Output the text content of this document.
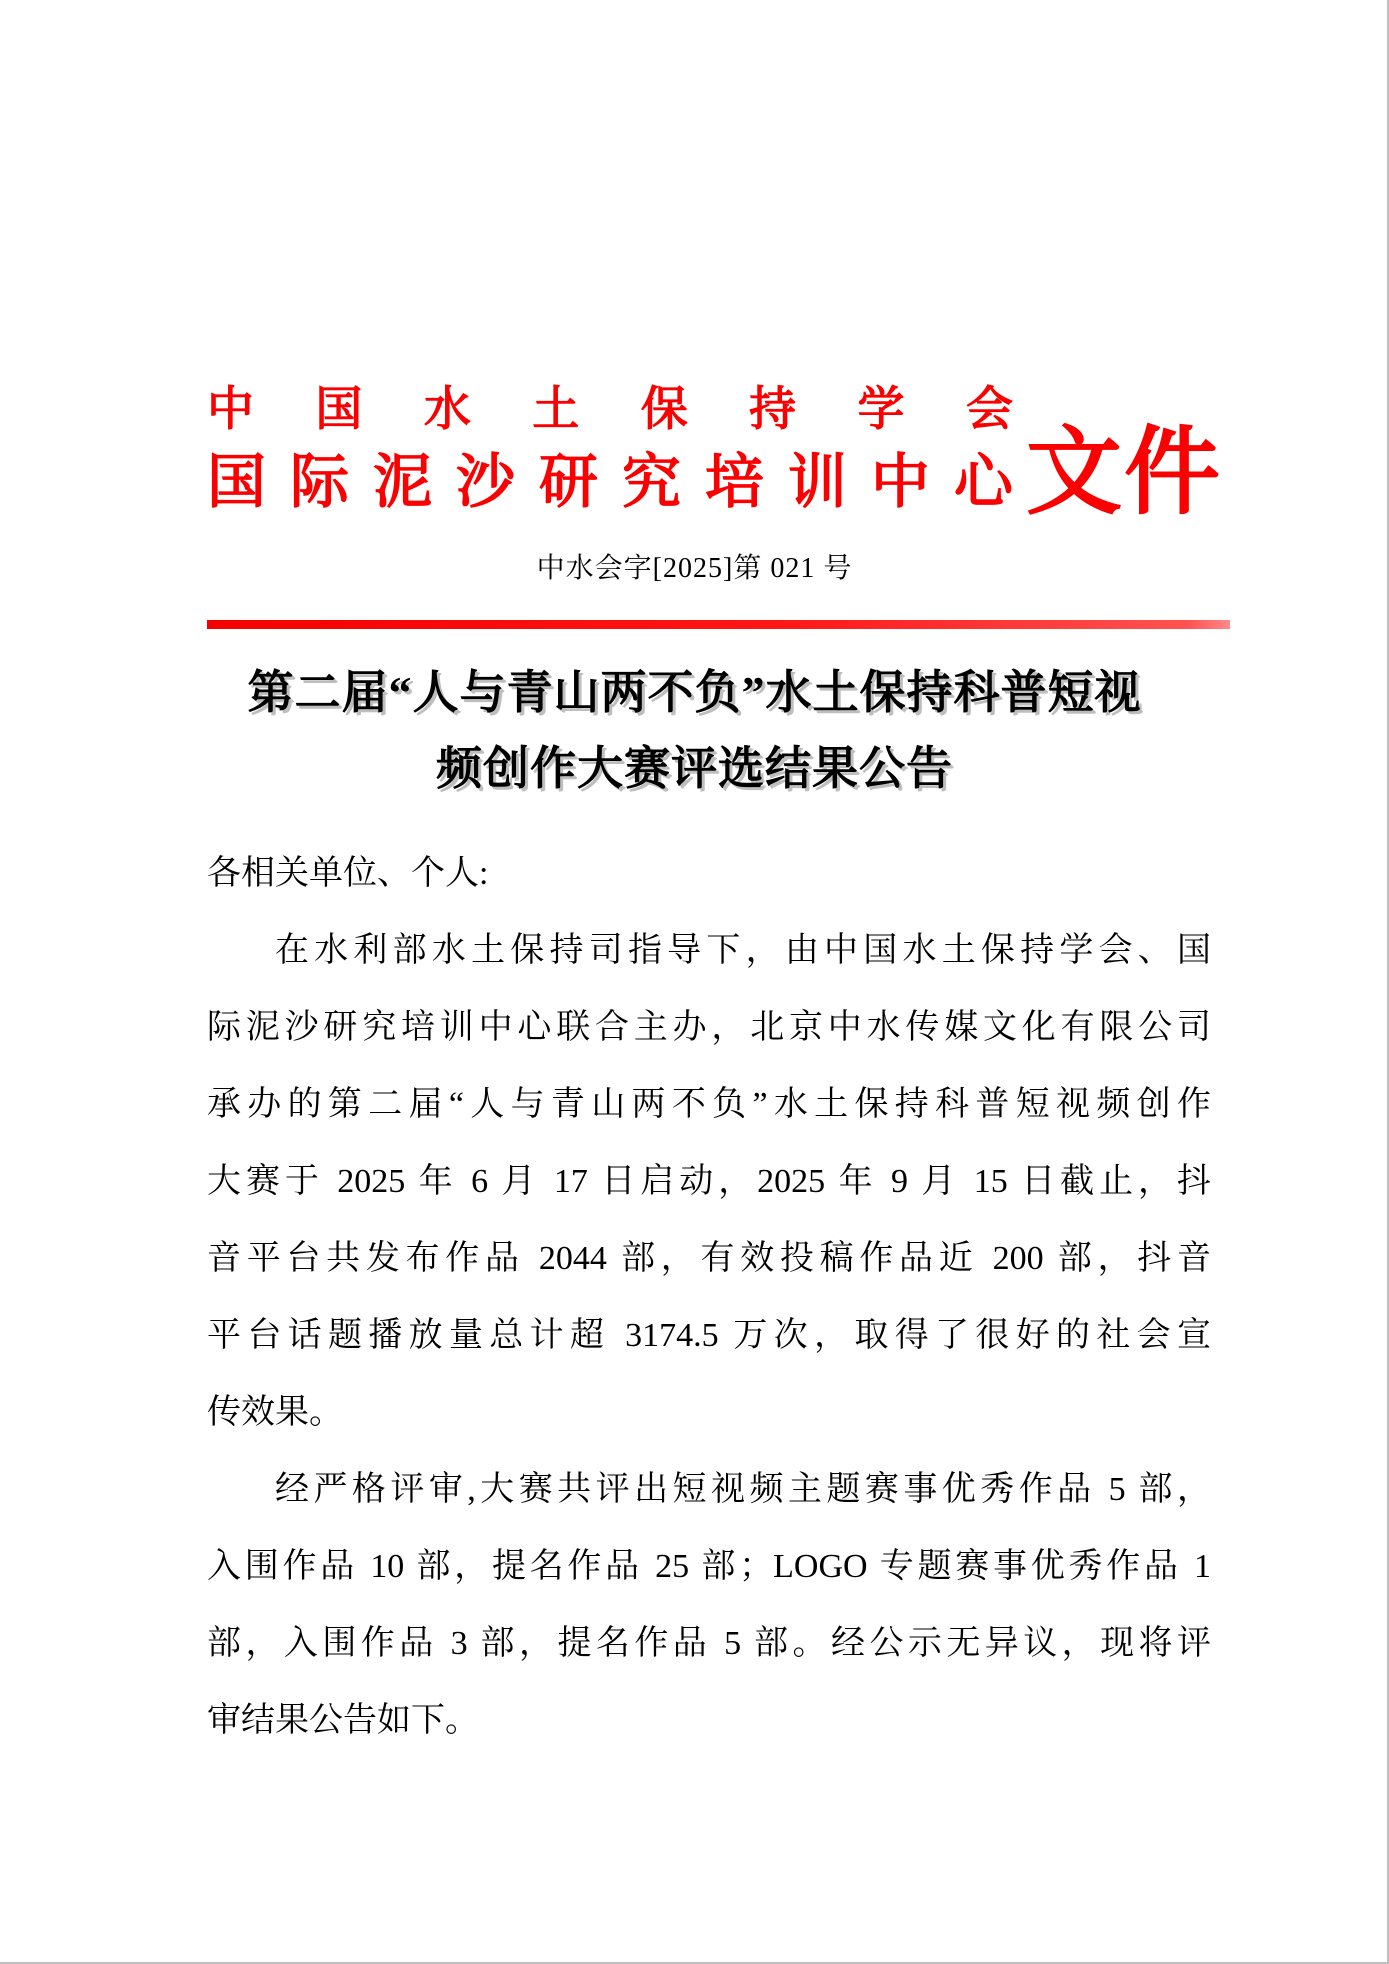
中 国 水 土 保 持 学 会
国 际 泥 沙 研 究 培 训 中 心 文件
中水会字[2025]第 021 号
第二届“人与青山两不负”水土保持科普短视
频创作大赛评选结果公告
各相关单位、个人:
在水利部水土保持司指导下，由中国水土保持学会、国
际泥沙研究培训中心联合主办，北京中水传媒文化有限公司
承办的第二届“人与青山两不负”水土保持科普短视频创作
大赛于 2025 年 6 月 17 日启动，2025 年 9 月 15 日截止，抖
音平台共发布作品 2044 部，有效投稿作品近 200 部，抖音
平台话题播放量总计超 3174.5 万次，取得了很好的社会宣
传效果。
经严格评审,大赛共评出短视频主题赛事优秀作品 5 部，
入围作品 10 部，提名作品 25 部；LOGO 专题赛事优秀作品 1
部，入围作品 3 部，提名作品 5 部。经公示无异议，现将评
审结果公告如下。
